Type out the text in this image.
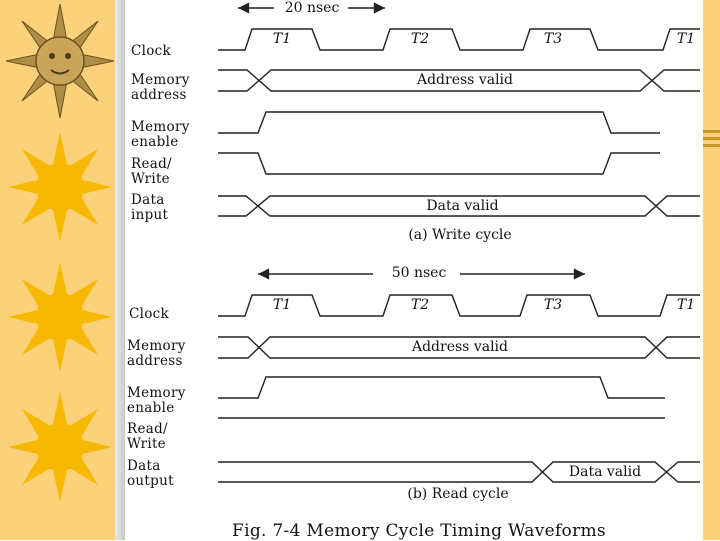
20 nsec
Clock
Memory
address
Memory
enable
Read/
Write
Data
input
T1	T2	T3	T1
Address valid
Data valid
(a) Write cycle
50 nsec
Clock
Memory
address
Memory
enable
Read/
Write
Data
output
T1	T2	T3	T1
Address valid
Data valid
(b) Read cycle
Fig. 7-4 Memory Cycle Timing Waveforms
